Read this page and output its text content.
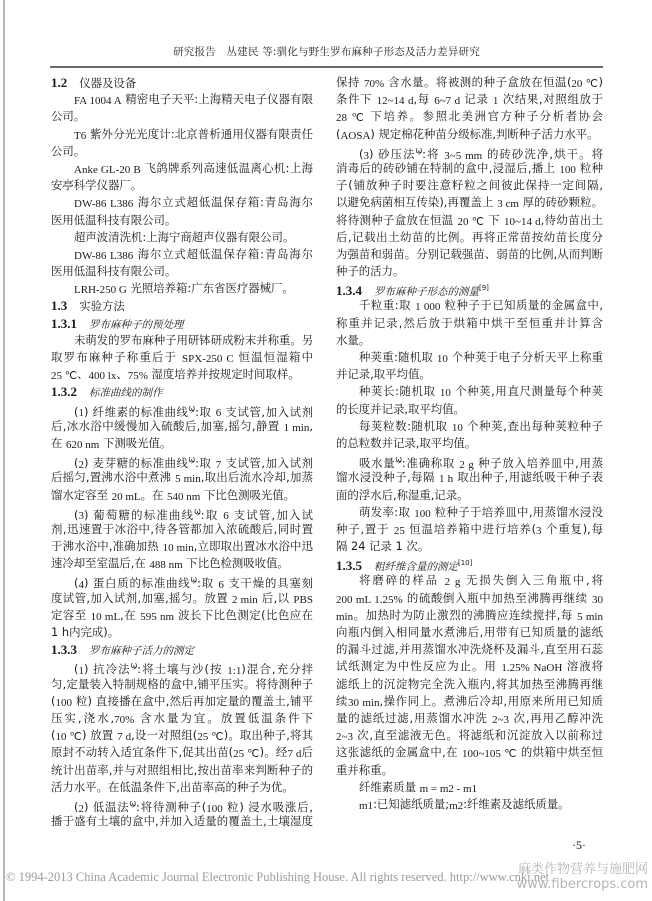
研究报告　丛建民 等:驯化与野生罗布麻种子形态及活力差异研究
1.2 仪器及设备
FA 1004 A 精密电子天平:上海精天电子仪器有限
公司。
T6 紫外分光光度计:北京普析通用仪器有限责任
公司。
Anke GL-20 B 飞鸽牌系列高速低温离心机:上海
安亭科学仪器厂。
DW-86 L386 海尔立式超低温保存箱:青岛海尔
医用低温科技有限公司。
超声波清洗机:上海宁商超声仪器有限公司。
DW-86 L386 海尔立式超低温保存箱:青岛海尔
医用低温科技有限公司。
LRH-250 G 光照培养箱:广东省医疗器械厂。
1.3 实验方法
1.3.1 罗布麻种子的预处理
未萌发的罗布麻种子用研钵研成粉末并称重。另
取罗布麻种子称重后于 SPX-250 C 恒温恒湿箱中
25 ℃、400 lx、75% 湿度培养并按规定时间取样。
1.3.2 标准曲线的制作
(1) 纤维素的标准曲线$^Ϣ$:取 6 支试管,加入试剂
后,冰水浴中缓慢加入硫酸后,加塞,摇匀,静置 1 min,
在 620 nm 下测吸光值。
(2) 麦芽糖的标准曲线$^Ϣ$:取 7 支试管,加入试剂
后摇匀,置沸水浴中煮沸 5 min,取出后流水冷却,加蒸
馏水定容至 20 mL。在 540 nm 下比色测吸光值。
(3) 葡萄糖的标准曲线$^Ϣ$:取 6 支试管,加入试
剂,迅速置于冰浴中,待各管都加入浓硫酸后,同时置
于沸水浴中,准确加热 10 min,立即取出置冰水浴中迅
速冷却至室温后,在 488 nm 下比色检测吸收值。
(4) 蛋白质的标准曲线$^Ϣ$:取 6 支干燥的具塞刻
度试管,加入试剂,加塞,摇匀。放置 2 min 后,以 PBS
定容至 10 mL,在 595 nm 波长下比色测定(比色应在
1 h内完成)。
1.3.3 罗布麻种子活力的测定
(1) 抗冷法$^Ϣ$:将土壤与沙(按 1:1)混合,充分拌
匀,定量装入特制规格的盒中,铺平压实。将待测种子
(100 粒) 直接播在盒中,然后再加定量的覆盖土,铺平
压实,浇水,70% 含水量为宜。放置低温条件下
(10 ℃) 放置 7 d,设一对照组(25 ℃)。取出种子,将其
原封不动转入适宜条件下,促其出苗(25 ℃)。经7 d后
统计出苗率,并与对照组相比,按出苗率来判断种子的
活力水平。在低温条件下,出苗率高的种子为优。
(2) 低温法$^Ϣ$:将待测种子(100 粒) 浸水吸涨后,
播于盛有土壤的盒中,并加入适量的覆盖土,土壤湿度
保持 70% 含水量。将被测的种子盒放在恒温(20 ℃)
条件下 12~14 d,每 6~7 d 记录 1 次结果,对照组放于
28 ℃ 下培养。参照北美洲官方种子分析者协会
(AOSA) 规定棉花种苗分级标准,判断种子活力水平。
(3) 砂压法$^Ϣ$:将 3~5 mm 的砖砂洗净,烘干。将
消毒后的砖砂铺在特制的盒中,浸湿后,播上 100 粒种
子(铺放种子时要注意籽粒之间彼此保持一定间隔,
以避免病菌相互传染),再覆盖上 3 cm 厚的砖砂颗粒。
将待测种子盒放在恒温 20 ℃ 下 10~14 d,待幼苗出土
后,记载出土幼苗的比例。再将正常苗按幼苗长度分
为强苗和弱苗。分别记载强苗、弱苗的比例,从而判断
种子的活力。
1.3.4 罗布麻种子形态的测量[9]
千粒重:取 1 000 粒种子于已知质量的金属盒中,
称重并记录,然后放于烘箱中烘干至恒重并计算含
水量。
种荚重:随机取 10 个种荚于电子分析天平上称重
并记录,取平均值。
种荚长:随机取 10 个种荚,用直尺测量每个种荚
的长度并记录,取平均值。
每荚粒数:随机取 10 个种荚,查出每种荚粒种子
的总粒数并记录,取平均值。
吸水量$^Ϣ$:准确称取 2 g 种子放入培养皿中,用蒸
馏水浸没种子,每隔 1 h 取出种子,用滤纸吸干种子表
面的浮水后,称湿重,记录。
萌发率:取 100 粒种子于培养皿中,用蒸馏水浸没
种子,置于 25 恒温培养箱中进行培养(3 个重复),每
隔 24 记录 1 次。
1.3.5 粗纤维含量的测定[10]
将磨碎的样品 2 g 无损失倒入三角瓶中,将
200 mL 1.25% 的硫酸倒入瓶中加热至沸腾再继续 30
min。加热时为防止激烈的沸腾应连续搅拌,每 5 min
向瓶内倒入相同量水煮沸后,用带有已知质量的滤纸
的漏斗过滤,并用蒸馏水冲洗烧杯及漏斗,直至用石蕊
试纸测定为中性反应为止。用 1.25% NaOH 溶液将
滤纸上的沉淀物完全洗入瓶内,将其加热至沸腾再继
续30 min,操作同上。煮沸后冷却,用原来所用已知质
量的滤纸过滤,用蒸馏水冲洗 2~3 次,再用乙醇冲洗
2~3 次,直至滤液无色。将滤纸和沉淀放入以前称过
这张滤纸的金属盒中,在 100~105 ℃ 的烘箱中烘至恒
重并称重。
纤维素质量 m = m2 - m1
m1:已知滤纸质量;m2:纤维素及滤纸质量。
·5·
© 1994-2013 China Academic Journal Electronic Publishing House. All rights reserved. http://www.cnki.net
麻类作物营养与施肥网
www.fibercrops.com
